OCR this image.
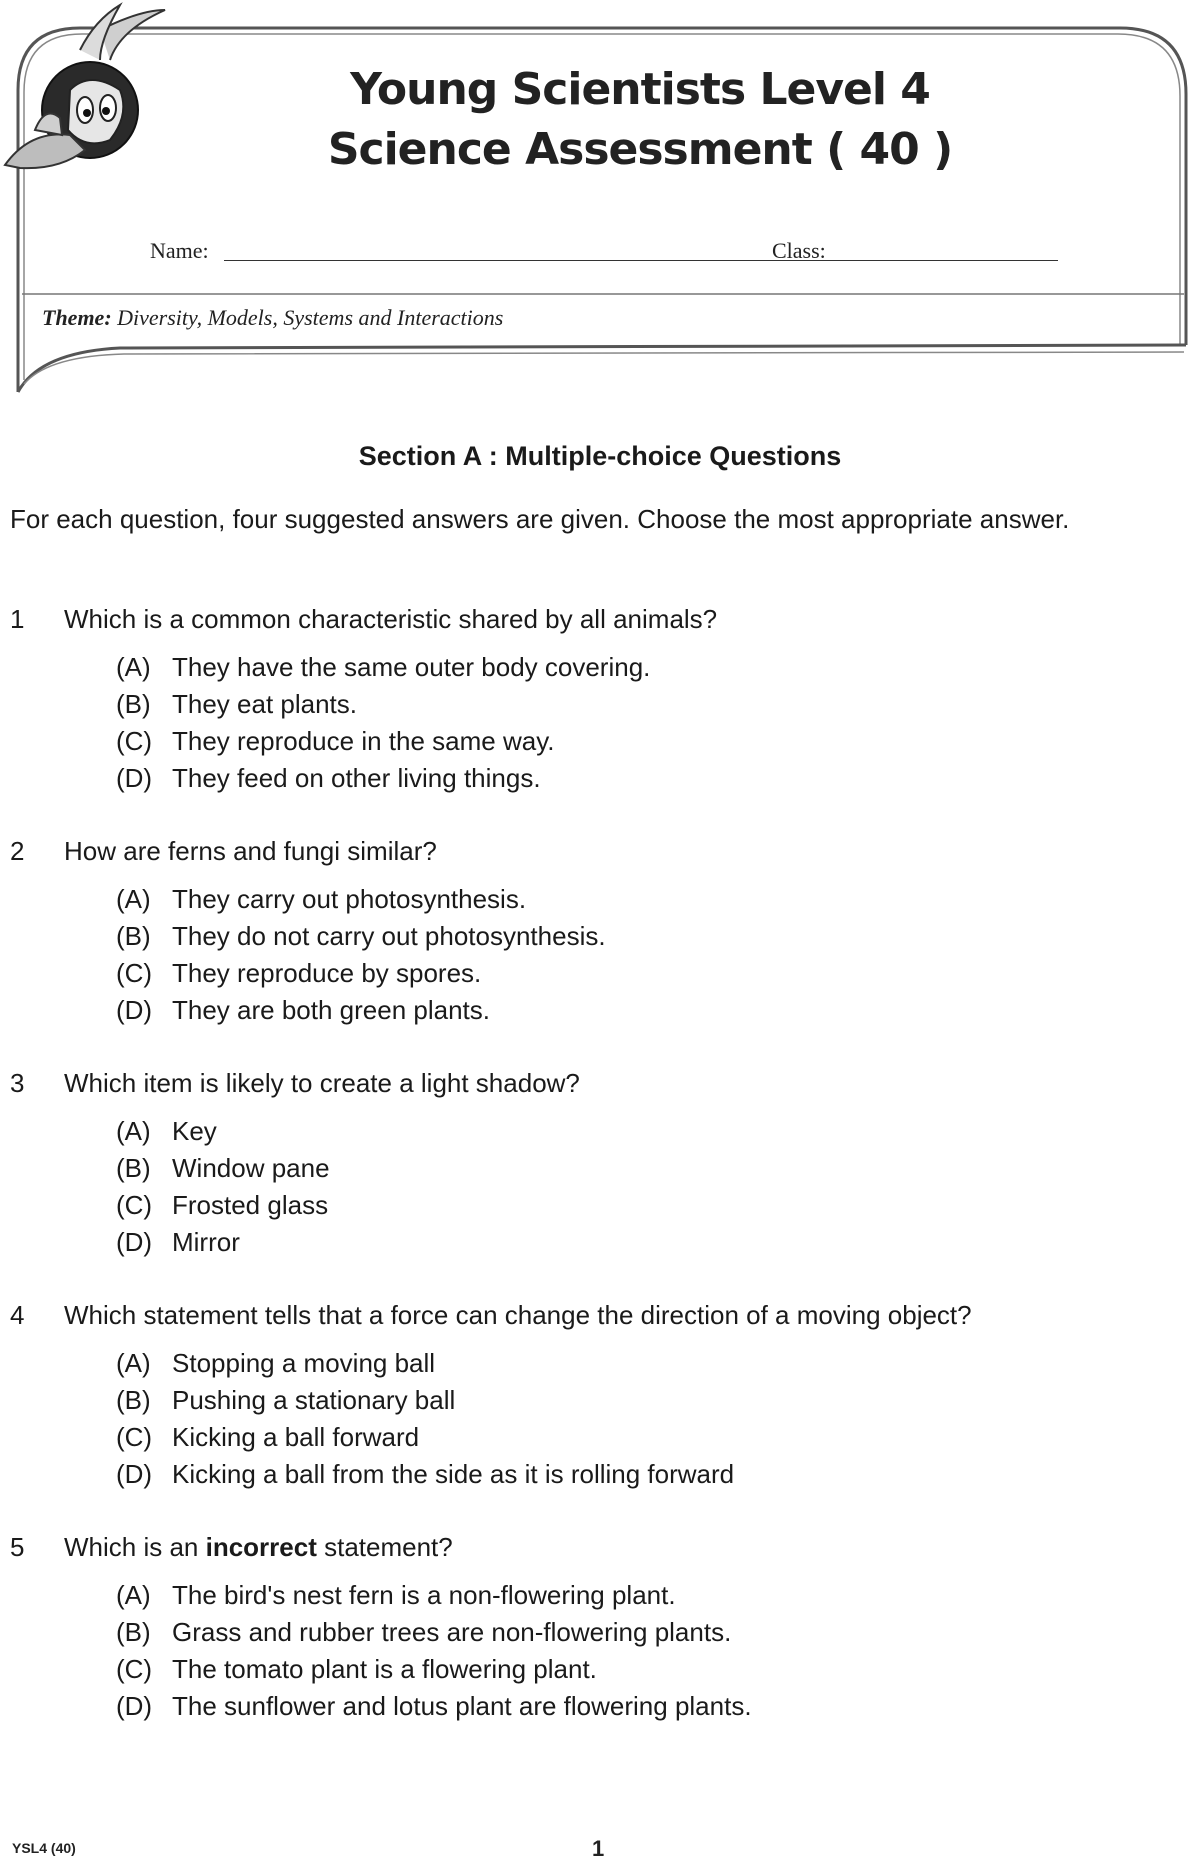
Young Scientists Level 4
Science Assessment ( 40 )
Name:	Class:
Theme: Diversity, Models, Systems and Interactions
Section A : Multiple-choice Questions
For each question, four suggested answers are given. Choose the most appropriate answer.
1 Which is a common characteristic shared by all animals?
(A) They have the same outer body covering.
(B) They eat plants.
(C) They reproduce in the same way.
(D) They feed on other living things.
2 How are ferns and fungi similar?
(A) They carry out photosynthesis.
(B) They do not carry out photosynthesis.
(C) They reproduce by spores.
(D) They are both green plants.
3 Which item is likely to create a light shadow?
(A) Key
(B) Window pane
(C) Frosted glass
(D) Mirror
4 Which statement tells that a force can change the direction of a moving object?
(A) Stopping a moving ball
(B) Pushing a stationary ball
(C) Kicking a ball forward
(D) Kicking a ball from the side as it is rolling forward
5 Which is an incorrect statement?
(A) The bird's nest fern is a non-flowering plant.
(B) Grass and rubber trees are non-flowering plants.
(C) The tomato plant is a flowering plant.
(D) The sunflower and lotus plant are flowering plants.
YSL4 (40)	1
